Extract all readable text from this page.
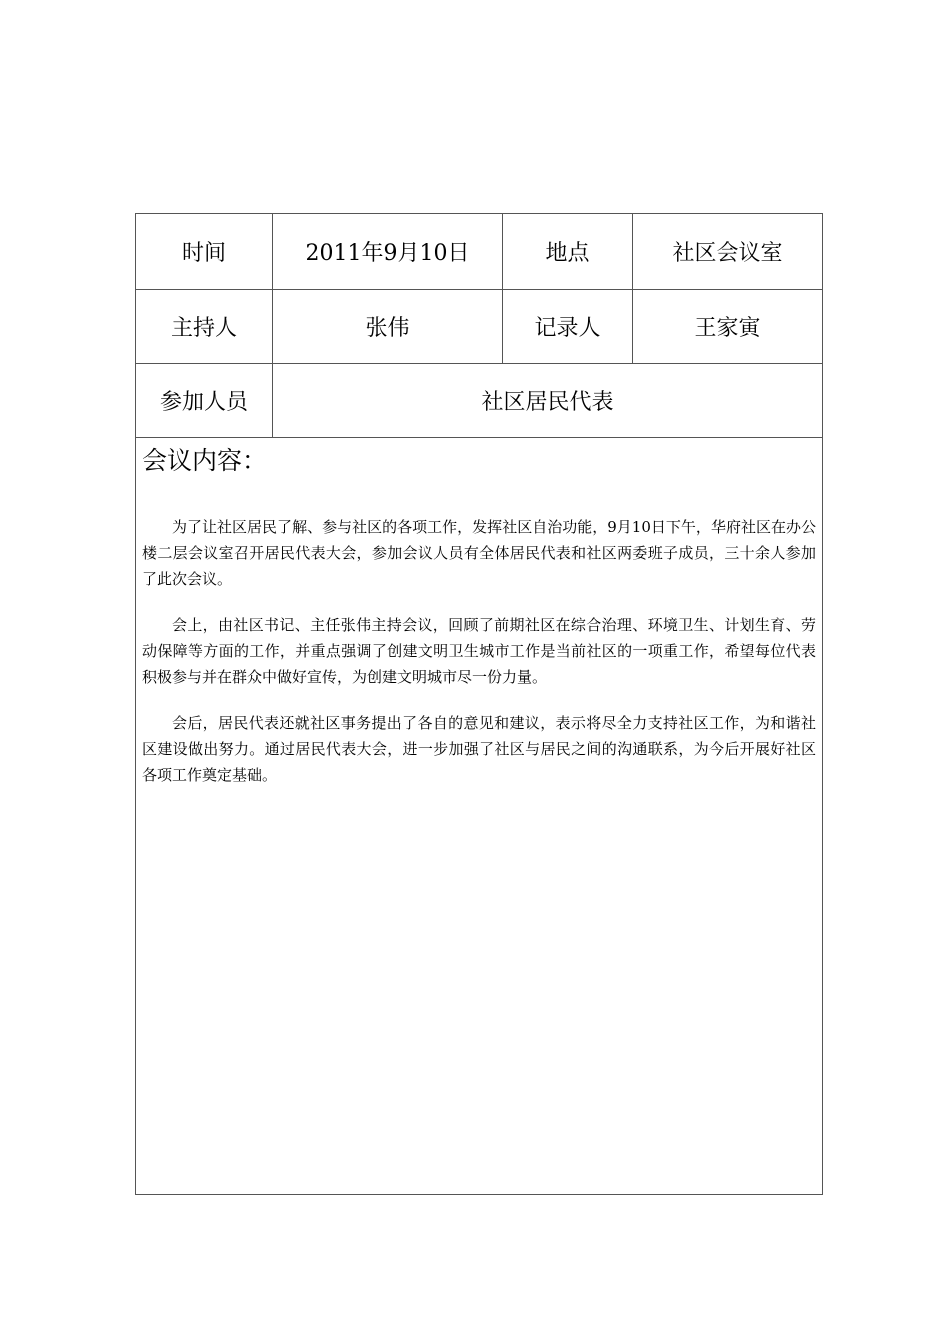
时间	2011年9月10日	地点	社区会议室
主持人	张伟	记录人	王家寅
参加人员	社区居民代表
会议内容：

为了让社区居民了解、参与社区的各项工作，发挥社区自治功能，9月10日下午，华府社区在办公楼二层会议室召开居民代表大会，参加会议人员有全体居民代表和社区两委班子成员，三十余人参加了此次会议。

会上，由社区书记、主任张伟主持会议，回顾了前期社区在综合治理、环境卫生、计划生育、劳动保障等方面的工作，并重点强调了创建文明卫生城市工作是当前社区的一项重工作，希望每位代表积极参与并在群众中做好宣传，为创建文明城市尽一份力量。

会后，居民代表还就社区事务提出了各自的意见和建议，表示将尽全力支持社区工作，为和谐社区建设做出努力。通过居民代表大会，进一步加强了社区与居民之间的沟通联系，为今后开展好社区各项工作奠定基础。
